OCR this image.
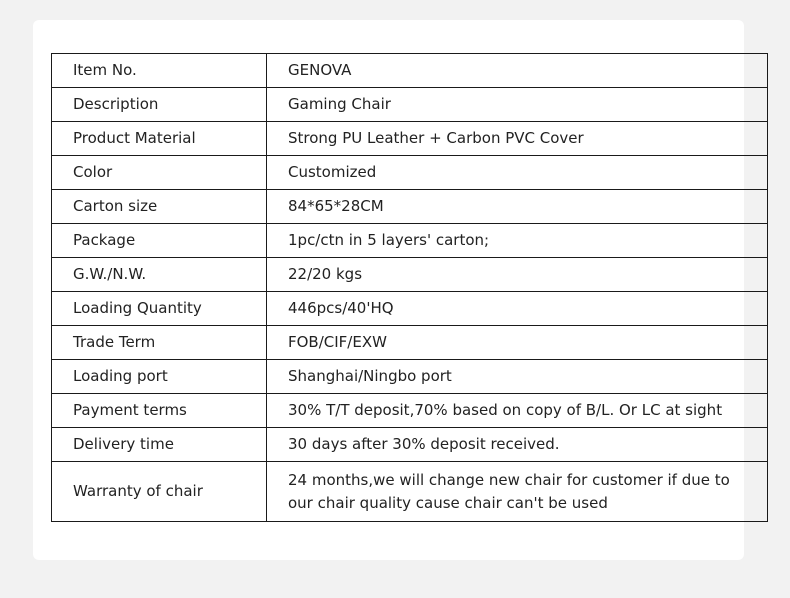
Item No.	GENOVA
Description	Gaming Chair
Product Material	Strong PU Leather + Carbon PVC Cover
Color	Customized
Carton size	84*65*28CM
Package	1pc/ctn in 5 layers' carton;
G.W./N.W.	22/20 kgs
Loading Quantity	446pcs/40'HQ
Trade Term	FOB/CIF/EXW
Loading port	Shanghai/Ningbo port
Payment terms	30% T/T deposit,70% based on copy of B/L. Or LC at sight
Delivery time	30 days after 30% deposit received.
Warranty of chair	24 months,we will change new chair for customer if due to our chair quality cause chair can't be used
